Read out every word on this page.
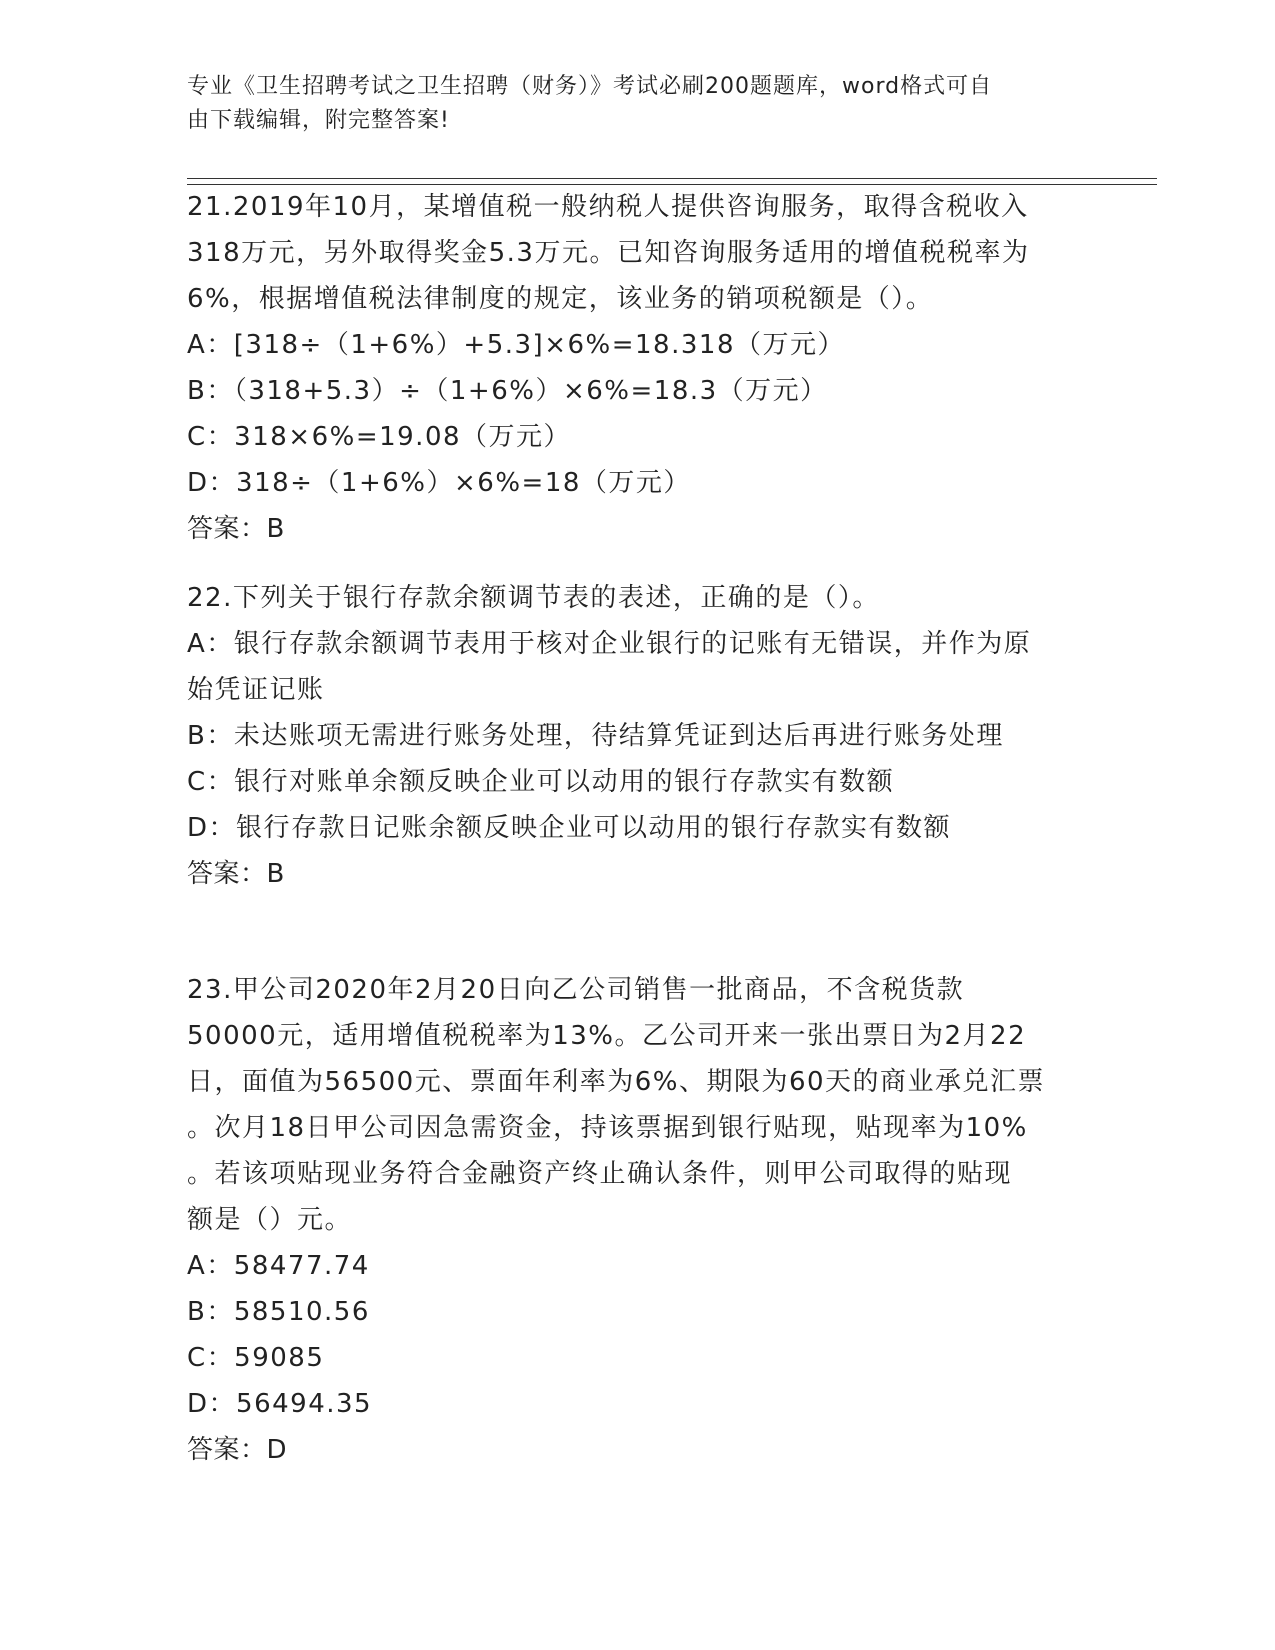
专业《卫生招聘考试之卫生招聘（财务）》考试必刷200题题库，word格式可自
由下载编辑，附完整答案!
21.2019年10月，某增值税一般纳税人提供咨询服务，取得含税收入
318万元，另外取得奖金5.3万元。已知咨询服务适用的增值税税率为
6%，根据增值税法律制度的规定，该业务的销项税额是（）。
A：[318÷（1+6%）+5.3]×6%=18.318（万元）
B：（318+5.3）÷（1+6%）×6%=18.3（万元）
C：318×6%=19.08（万元）
D：318÷（1+6%）×6%=18（万元）
答案：B
22.下列关于银行存款余额调节表的表述，正确的是（）。
A：银行存款余额调节表用于核对企业银行的记账有无错误，并作为原
始凭证记账
B：未达账项无需进行账务处理，待结算凭证到达后再进行账务处理
C：银行对账单余额反映企业可以动用的银行存款实有数额
D：银行存款日记账余额反映企业可以动用的银行存款实有数额
答案：B
23.甲公司2020年2月20日向乙公司销售一批商品，不含税货款
50000元，适用增值税税率为13%。乙公司开来一张出票日为2月22
日，面值为56500元、票面年利率为6%、期限为60天的商业承兑汇票
。次月18日甲公司因急需资金，持该票据到银行贴现，贴现率为10%
。若该项贴现业务符合金融资产终止确认条件，则甲公司取得的贴现
额是（）元。
A：58477.74
B：58510.56
C：59085
D：56494.35
答案：D
